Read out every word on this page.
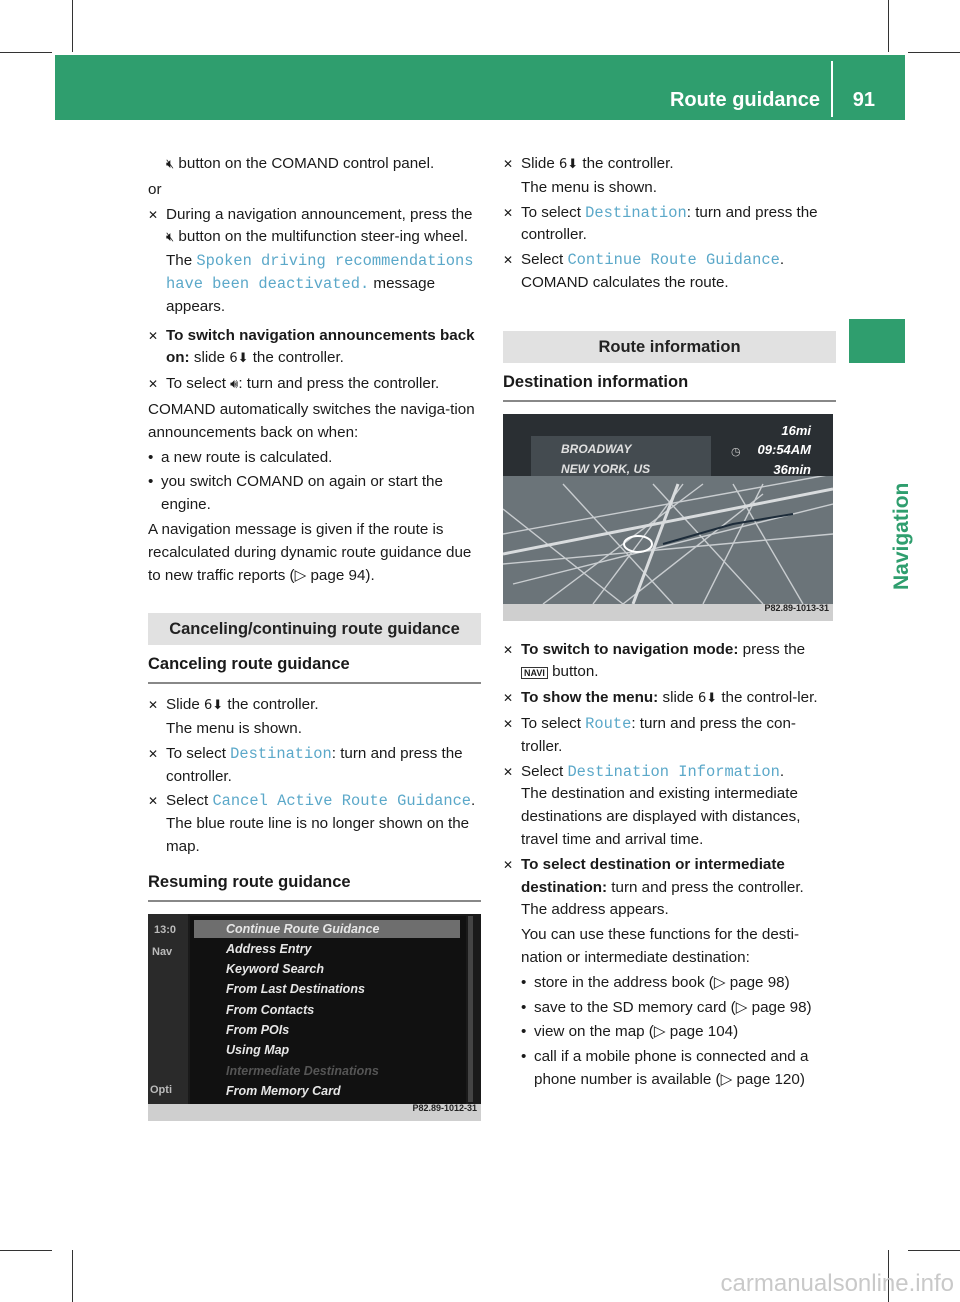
Route guidance 91
Navigation

🔇︎ button on the COMAND control panel.

or

✕ During a navigation announcement, press the 🔇︎ button on the multifunction steer-ing wheel.
The Spoken driving recommendations have been deactivated. message appears.

✕ To switch navigation announcements back on: slide 6⬇ the controller.

✕ To select 🔊︎: turn and press the controller.

COMAND automatically switches the naviga-tion announcements back on when:

• a new route is calculated.

• you switch COMAND on again or start the engine.

A navigation message is given if the route is recalculated during dynamic route guidance due to new traffic reports (▷ page 94).

Canceling/continuing route guidance
Canceling route guidance

✕ Slide 6⬇ the controller.
The menu is shown.

✕ To select Destination: turn and press the controller.

✕ Select Cancel Active Route Guidance.
The blue route line is no longer shown on the map.

Resuming route guidance
13:0
Nav
Opti
Continue Route Guidance
Address Entry
Keyword Search
From Last Destinations
From Contacts
From POIs
Using Map
Intermediate Destinations
From Memory Card
P82.89-1012-31

✕ Slide 6⬇ the controller.
The menu is shown.

✕ To select Destination: turn and press the controller.

✕ Select Continue Route Guidance.
COMAND calculates the route.

Route information
Destination information
BROADWAY
NEW YORK, US
16mi
◷ 09:54AM
36min
P82.89-1013-31

✕ To switch to navigation mode: press the
NAVI button.

✕ To show the menu: slide 6⬇ the control-ler.

✕ To select Route: turn and press the con-troller.

✕ Select Destination Information.
The destination and existing intermediate destinations are displayed with distances, travel time and arrival time.

✕ To select destination or intermediate destination: turn and press the controller.
The address appears.

You can use these functions for the desti-nation or intermediate destination:

• store in the address book (▷ page 98)

• save to the SD memory card (▷ page 98)

• view on the map (▷ page 104)

• call if a mobile phone is connected and a phone number is available (▷ page 120)

carmanualsonline.info
